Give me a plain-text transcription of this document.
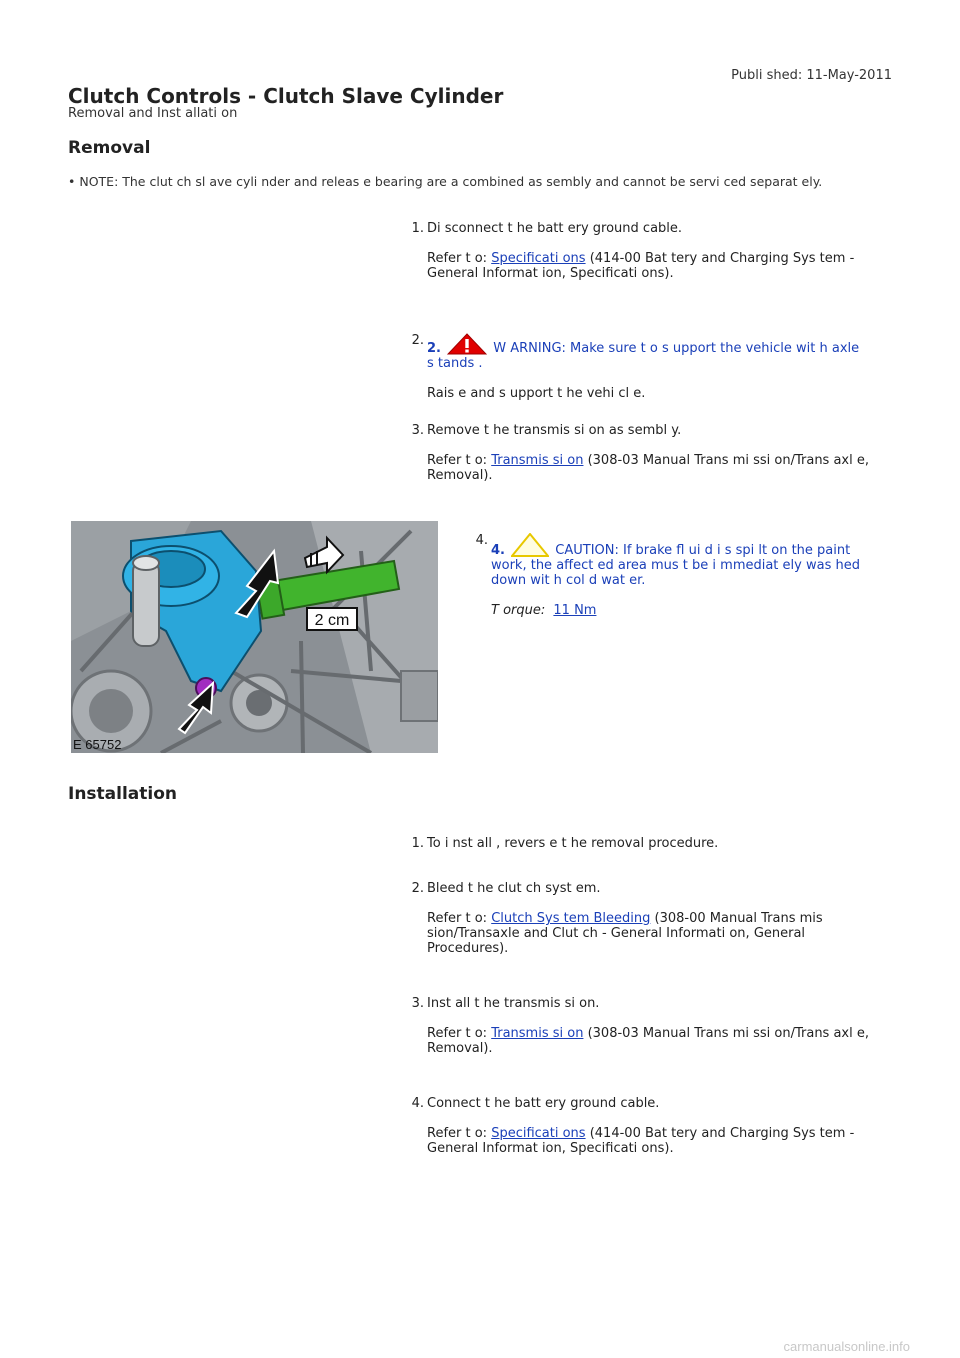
Publi shed: 11-May-2011
Clutch Controls - Clutch Slave Cylinder
Removal and Inst allati on
Removal
• NOTE: The clut ch sl ave cyli nder and releas e bearing are a combined as sembly and cannot be servi ced separat ely.
1. Di sconnect t he batt ery ground cable.

Refer t o: Specificati ons (414-00 Bat tery and Charging Sys tem - General Informat ion, Specificati ons).

2.

2.	W ARNING: Make sure t o s upport the vehicle wit h axle s tands .

Rais e and s upport t he vehi cl e.

3. Remove t he transmis si on as sembl y.

Refer t o: Transmis si on (308-03 Manual Trans mi ssi on/Trans axl e, Removal).

2 cm
E 65752
4.

4.	CAUTION: If brake fl ui d i s spi lt on the paint work, the affect ed area mus t be i mmediat ely was hed down wit h col d wat er.

T orque: 11 Nm

Installation
1. To i nst all , revers e t he removal procedure.

2. Bleed t he clut ch syst em.

Refer t o: Clutch Sys tem Bleeding (308-00 Manual Trans mis sion/Transaxle and Clut ch - General Informati on, General Procedures).

3. Inst all t he transmis si on.

Refer t o: Transmis si on (308-03 Manual Trans mi ssi on/Trans axl e, Removal).

4. Connect t he batt ery ground cable.

Refer t o: Specificati ons (414-00 Bat tery and Charging Sys tem - General Informat ion, Specificati ons).

carmanualsonline.info
